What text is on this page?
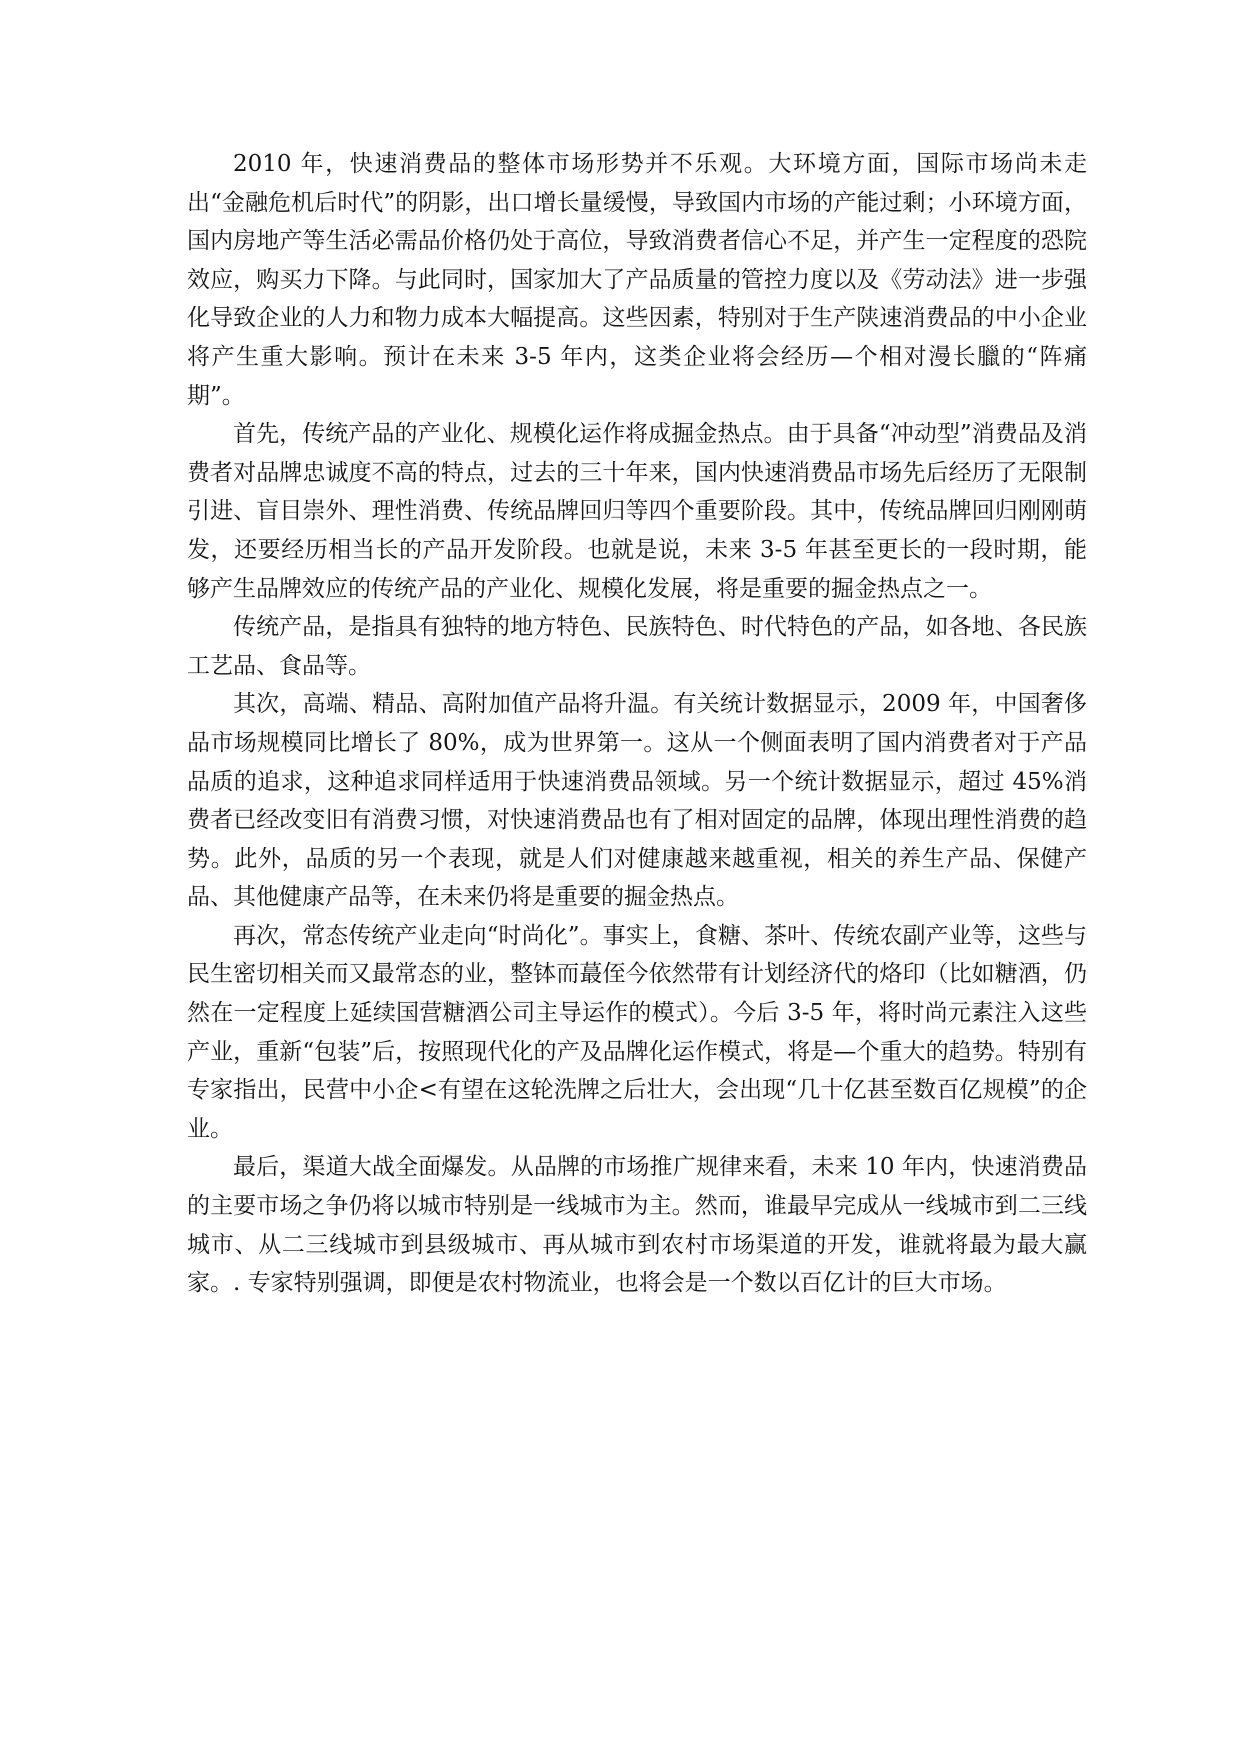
2010 年，快速消费品的整体市场形势并不乐观。大环境方面，国际市场尚未走出“金融危机后时代”的阴影，出口增长量缓慢，导致国内市场的产能过剩；小环境方面，国内房地产等生活必需品价格仍处于高位，导致消费者信心不足，并产生一定程度的恐院效应，购买力下降。与此同时，国家加大了产品质量的管控力度以及《劳动法》进一步强化导致企业的人力和物力成本大幅提高。这些因素，特别对于生产陕速消费品的中小企业将产生重大影响。预计在未来 3-5 年内，这类企业将会经历—个相对漫长臘的“阵痛期”。

首先，传统产品的产业化、规模化运作将成掘金热点。由于具备“冲动型”消费品及消费者对品牌忠诚度不高的特点，过去的三十年来，国内快速消费品市场先后经历了无限制引进、盲目崇外、理性消费、传统品牌回归等四个重要阶段。其中，传统品牌回归刚刚萌发，还要经历相当长的产品开发阶段。也就是说，未来 3-5 年甚至更长的一段时期，能够产生品牌效应的传统产品的产业化、规模化发展，将是重要的掘金热点之一。

传统产品，是指具有独特的地方特色、民族特色、时代特色的产品，如各地、各民族工艺品、食品等。

其次，高端、精品、高附加值产品将升温。有关统计数据显示，2009 年，中国奢侈品市场规模同比增长了 80%，成为世界第一。这从一个侧面表明了国内消费者对于产品品质的追求，这种追求同样适用于快速消费品领域。另一个统计数据显示，超过 45%消费者已经改变旧有消费习惯，对快速消费品也有了相对固定的品牌，体现出理性消费的趋势。此外，品质的另一个表现，就是人们对健康越来越重视，相关的养生产品、保健产品、其他健康产品等，在未来仍将是重要的掘金热点。

再次，常态传统产业走向“时尚化”。事实上，食糖、茶叶、传统农副产业等，这些与民生密切相关而又最常态的业，整钵而蕞侄今依然带有计划经济代的烙印（比如糖酒，仍然在一定程度上延续国营糖酒公司主导运作的模式）。今后 3-5 年，将时尚元素注入这些产业，重新“包装”后，按照现代化的产及品牌化运作模式，将是—个重大的趋势。特别有专家指出，民营中小企<有望在这轮洗牌之后壮大，会出现“几十亿甚至数百亿规模”的企业。

最后，渠道大战全面爆发。从品牌的市场推广规律来看，未来 10 年内，快速消费品的主要市场之争仍将以城市特别是一线城市为主。然而，谁最早完成从一线城市到二三线城市、从二三线城市到县级城市、再从城市到农村市场渠道的开发，谁就将最为最大赢家。. 专家特别强调，即便是农村物流业，也将会是一个数以百亿计的巨大市场。
